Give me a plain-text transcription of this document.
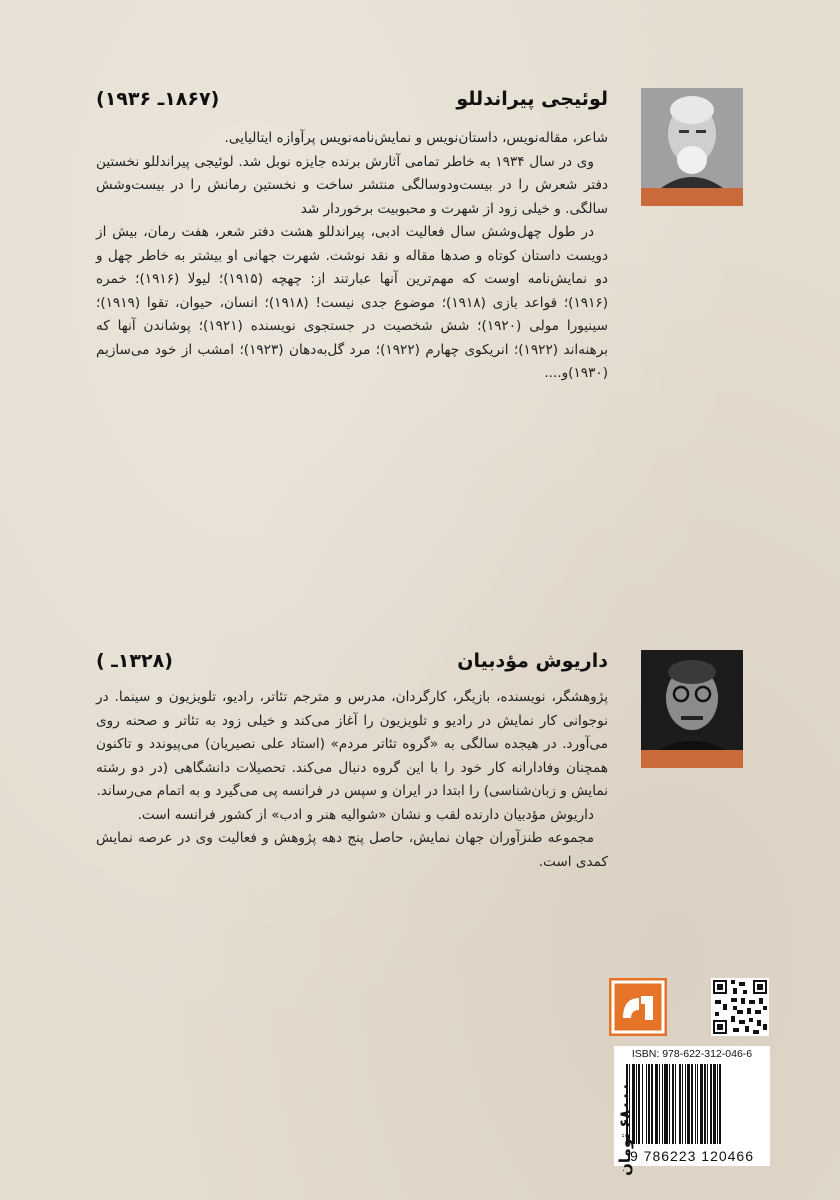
لوئیجی پیراندللو
(۱۸۶۷ـ ۱۹۳۶)

شاعر، مقاله‌نویس، داستان‌نویس و نمایش‌نامه‌نویس پرآوازه ایتالیایی.

وی در سال ۱۹۳۴ به خاطر تمامی آثارش برنده جایزه نوبل شد. لوئیجی پیراندللو نخستین دفتر شعرش را در بیست‌ودوسالگی منتشر ساخت و نخستین رمانش را در بیست‌وشش سالگی. و خیلی زود از شهرت و محبوبیت برخوردار شد

در طول چهل‌وشش سال فعالیت ادبی، پیراندللو هشت دفتر شعر، هفت رمان، بیش از دویست داستان کوتاه و صدها مقاله و نقد نوشت. شهرت جهانی او بیشتر به خاطر چهل و دو نمایش‌نامه اوست که مهم‌ترین آنها عبارتند از: چهچه (۱۹۱۵)؛ لیولا (۱۹۱۶)؛ خمره (۱۹۱۶)؛ قواعد بازی (۱۹۱۸)؛ موضوع جدی نیست! (۱۹۱۸)؛ انسان، حیوان، تقوا (۱۹۱۹)؛ سینیورا مولی (۱۹۲۰)؛ شش شخصیت در جستجوی نویسنده (۱۹۲۱)؛ پوشاندن آنها که برهنه‌اند (۱۹۲۲)؛ انریکوی چهارم (۱۹۲۲)؛ مرد گل‌به‌دهان (۱۹۲۳)؛ امشب از خود می‌سازیم (۱۹۳۰)و....

داریوش مؤدبیان
(۱۳۲۸ـ )

پژوهشگر، نویسنده، بازیگر، کارگردان، مدرس و مترجم تئاتر، رادیو، تلویزیون و سینما. در نوجوانی کار نمایش در رادیو و تلویزیون را آغاز می‌کند و خیلی زود به تئاتر و صحنه روی می‌آورد. در هیجده سالگی به «گروه تئاتر مردم» (استاد علی نصیریان) می‌پیوندد و تاکنون همچنان وفادارانه کار خود را با این گروه دنبال می‌کند. تحصیلات دانشگاهی (در دو رشته نمایش و زبان‌شناسی) را ابتدا در ایران و سپس در فرانسه پی می‌گیرد و به اتمام می‌رساند.

داریوش مؤدبیان دارنده لقب و نشان «شوالیه هنر و ادب» از کشور فرانسه است.

مجموعه طنزآوران جهان نمایش، حاصل پنج دهه پژوهش و فعالیت وی در عرصه نمایش کمدی است.

ISBN: 978-622-312-046-6
9 786223 120466
۶۸۰۰۰ تومان
